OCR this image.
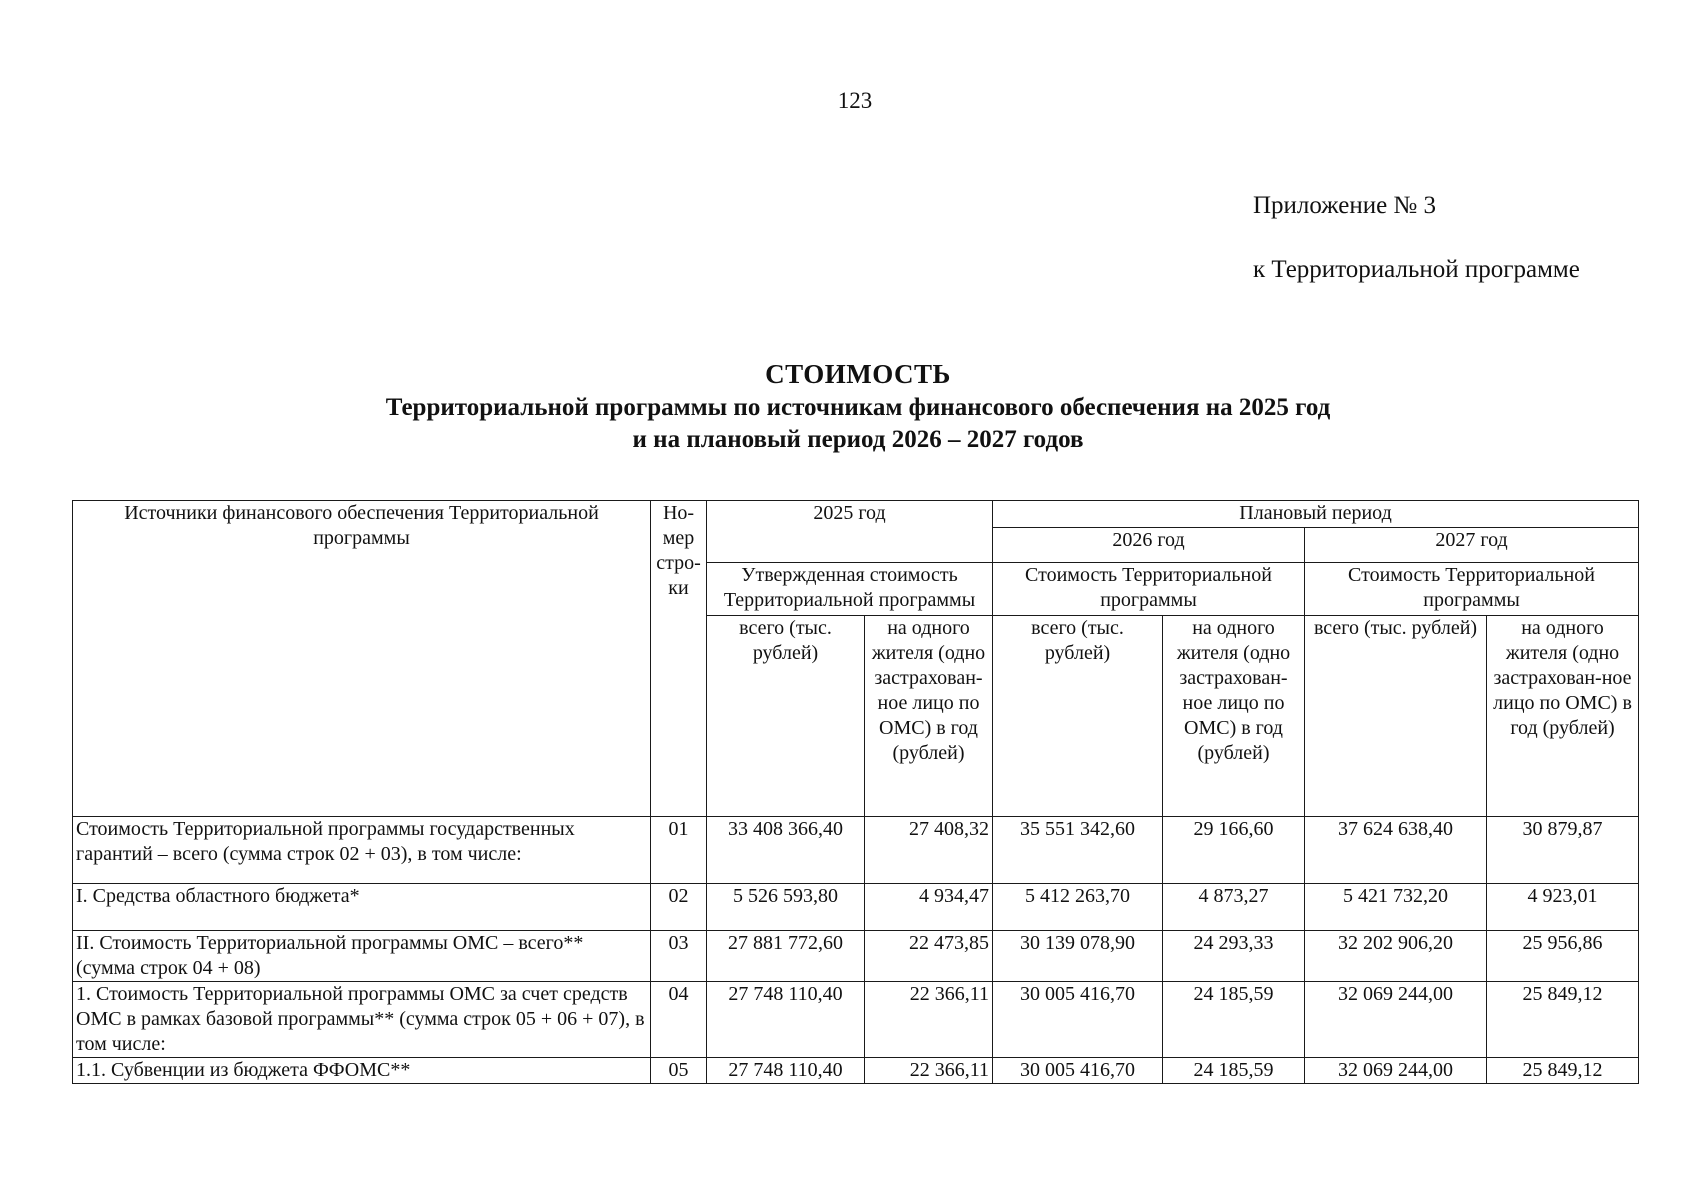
123
Приложение № 3
к Территориальной программе
СТОИМОСТЬ
Территориальной программы по источникам финансового обеспечения на 2025 год
и на плановый период 2026 – 2027 годов
Источники финансового обеспечения Территориальной программы	Но-мер стро-ки	2025 год		Плановый период			
				2026 год		2027 год	
		Утвержденная стоимость Территориальной программы		Стоимость Территориальной программы		Стоимость Территориальной программы	
		всего (тыс. рублей)	на одного жителя (одно застрахован-ное лицо по ОМС) в год (рублей)	всего (тыс. рублей)	на одного жителя (одно застрахован-ное лицо по ОМС) в год (рублей)	всего (тыс. рублей)	на одного жителя (одно застрахован-ное лицо по ОМС) в год (рублей)
Стоимость Территориальной программы государственных гарантий – всего (сумма строк 02 + 03), в том числе:	01	33 408 366,40	27 408,32	35 551 342,60	29 166,60	37 624 638,40	30 879,87
I. Средства областного бюджета*	02	5 526 593,80	4 934,47	5 412 263,70	4 873,27	5 421 732,20	4 923,01
II. Стоимость Территориальной программы ОМС – всего** (сумма строк 04 + 08)	03	27 881 772,60	22 473,85	30 139 078,90	24 293,33	32 202 906,20	25 956,86
1. Стоимость Территориальной программы ОМС за счет средств ОМС в рамках базовой программы** (сумма строк 05 + 06 + 07), в том числе:	04	27 748 110,40	22 366,11	30 005 416,70	24 185,59	32 069 244,00	25 849,12
1.1. Субвенции из бюджета ФФОМС**	05	27 748 110,40	22 366,11	30 005 416,70	24 185,59	32 069 244,00	25 849,12
